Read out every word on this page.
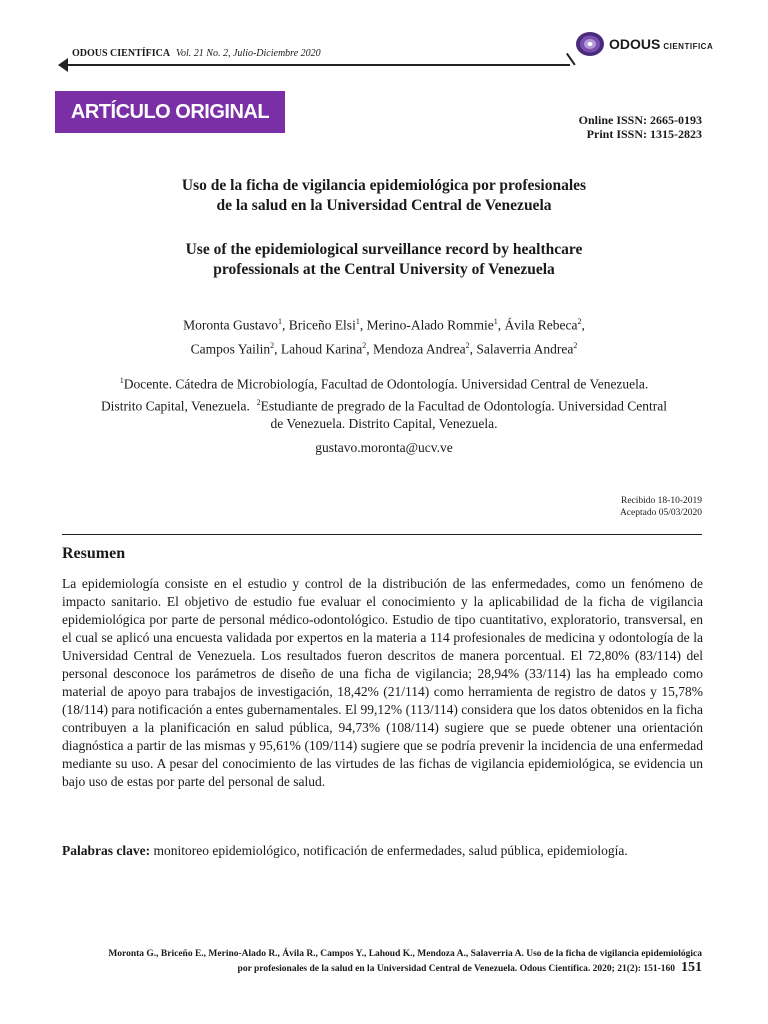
ODOUS CIENTÍFICA Vol. 21 No. 2, Julio-Diciembre 2020
ODOUS CIENTIFICA
ARTÍCULO ORIGINAL	Online ISSN: 2665-0193
Print ISSN: 1315-2823
Uso de la ficha de vigilancia epidemiológica por profesionales
de la salud en la Universidad Central de Venezuela
Use of the epidemiological surveillance record by healthcare
professionals at the Central University of Venezuela
Moronta Gustavo$^1$, Briceño Elsi$^1$, Merino-Alado Rommie$^1$, Ávila Rebeca$^2$,
Campos Yailin$^2$, Lahoud Karina$^2$, Mendoza Andrea$^2$, Salaverria Andrea$^2$
$^1$Docente. Cátedra de Microbiología, Facultad de Odontología. Universidad Central de Venezuela. Distrito Capital, Venezuela. $^2$Estudiante de pregrado de la Facultad de Odontología. Universidad Central de Venezuela. Distrito Capital, Venezuela.
gustavo.moronta@ucv.ve
Recibido 18-10-2019
Aceptado 05/03/2020
Resumen
La epidemiología consiste en el estudio y control de la distribución de las enfermedades, como un fenómeno de impacto sanitario. El objetivo de estudio fue evaluar el conocimiento y la aplicabilidad de la ficha de vigilancia epidemiológica por parte de personal médico-odontológico. Estudio de tipo cuantitativo, exploratorio, transversal, en el cual se aplicó una encuesta validada por expertos en la materia a 114 profesionales de medicina y odontología de la Universidad Central de Venezuela. Los resultados fueron descritos de manera porcentual. El 72,80% (83/114) del personal desconoce los parámetros de diseño de una ficha de vigilancia; 28,94% (33/114) las ha empleado como material de apoyo para trabajos de investigación, 18,42% (21/114) como herramienta de registro de datos y 15,78% (18/114) para notificación a entes gubernamentales. El 99,12% (113/114) considera que los datos obtenidos en la ficha contribuyen a la planificación en salud pública, 94,73% (108/114) sugiere que se puede obtener una orientación diagnóstica a partir de las mismas y 95,61% (109/114) sugiere que se podría prevenir la incidencia de una enfermedad mediante su uso. A pesar del conocimiento de las virtudes de las fichas de vigilancia epidemiológica, se evidencia un bajo uso de estas por parte del personal de salud.
Palabras clave: monitoreo epidemiológico, notificación de enfermedades, salud pública, epidemiología.
Moronta G., Briceño E., Merino-Alado R., Ávila R., Campos Y., Lahoud K., Mendoza A., Salaverria A. Uso de la ficha de vigilancia epidemiológica
por profesionales de la salud en la Universidad Central de Venezuela. Odous Científica. 2020; 21(2): 151-160 151
